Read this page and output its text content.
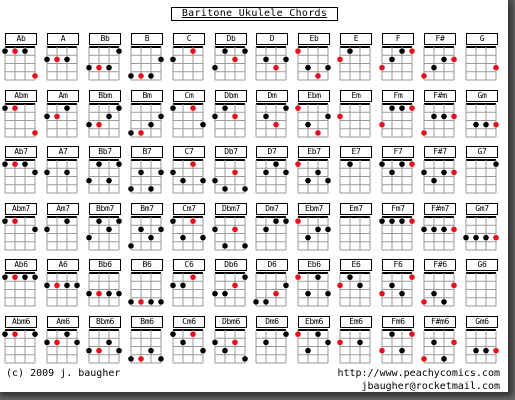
Baritone Ukulele Chords
Ab	A	Bb	B	C	Db	D	Eb	E	F	F#	G
Abm	Am	Bbm	Bm	Cm	Dbm	Dm	Ebm	Em	Fm	F#m	Gm
Ab7	A7	Bb7	B7	C7	Db7	D7	Eb7	E7	F7	F#7	G7
Abm7	Am7	Bbm7	Bm7	Cm7	Dbm7	Dm7	Ebm7	Em7	Fm7	F#m7	Gm7
Ab6	A6	Bb6	B6	C6	Db6	D6	Eb6	E6	F6	F#6	G6
Abm6	Am6	Bbm6	Bm6	Cm6	Dbm6	Dm6	Ebm6	Em6	Fm6	F#m6	Gm6
(c) 2009 j. baugher	http://www.peachycomics.com
jbaugher@rocketmail.com
